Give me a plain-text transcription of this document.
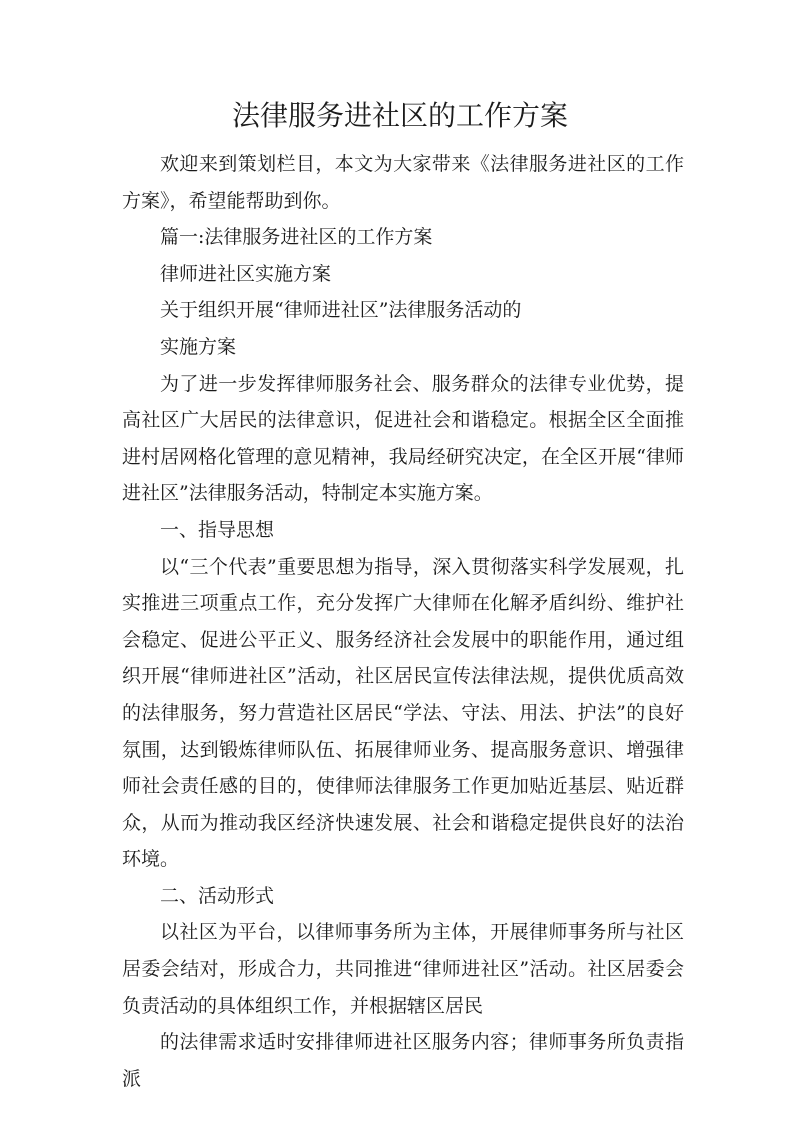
法律服务进社区的工作方案

欢迎来到策划栏目，本文为大家带来《法律服务进社区的工作方案》，希望能帮助到你。

篇一:法律服务进社区的工作方案

律师进社区实施方案

关于组织开展“律师进社区”法律服务活动的

实施方案

为了进一步发挥律师服务社会、服务群众的法律专业优势，提高社区广大居民的法律意识，促进社会和谐稳定。根据全区全面推进村居网格化管理的意见精神，我局经研究决定，在全区开展“律师进社区”法律服务活动，特制定本实施方案。

一、指导思想

以“三个代表”重要思想为指导，深入贯彻落实科学发展观，扎实推进三项重点工作，充分发挥广大律师在化解矛盾纠纷、维护社会稳定、促进公平正义、服务经济社会发展中的职能作用，通过组织开展“律师进社区”活动，社区居民宣传法律法规，提供优质高效的法律服务，努力营造社区居民“学法、守法、用法、护法”的良好氛围，达到锻炼律师队伍、拓展律师业务、提高服务意识、增强律师社会责任感的目的，使律师法律服务工作更加贴近基层、贴近群众，从而为推动我区经济快速发展、社会和谐稳定提供良好的法治环境。

二、活动形式

以社区为平台，以律师事务所为主体，开展律师事务所与社区居委会结对，形成合力，共同推进“律师进社区”活动。社区居委会负责活动的具体组织工作，并根据辖区居民

的法律需求适时安排律师进社区服务内容；律师事务所负责指派
